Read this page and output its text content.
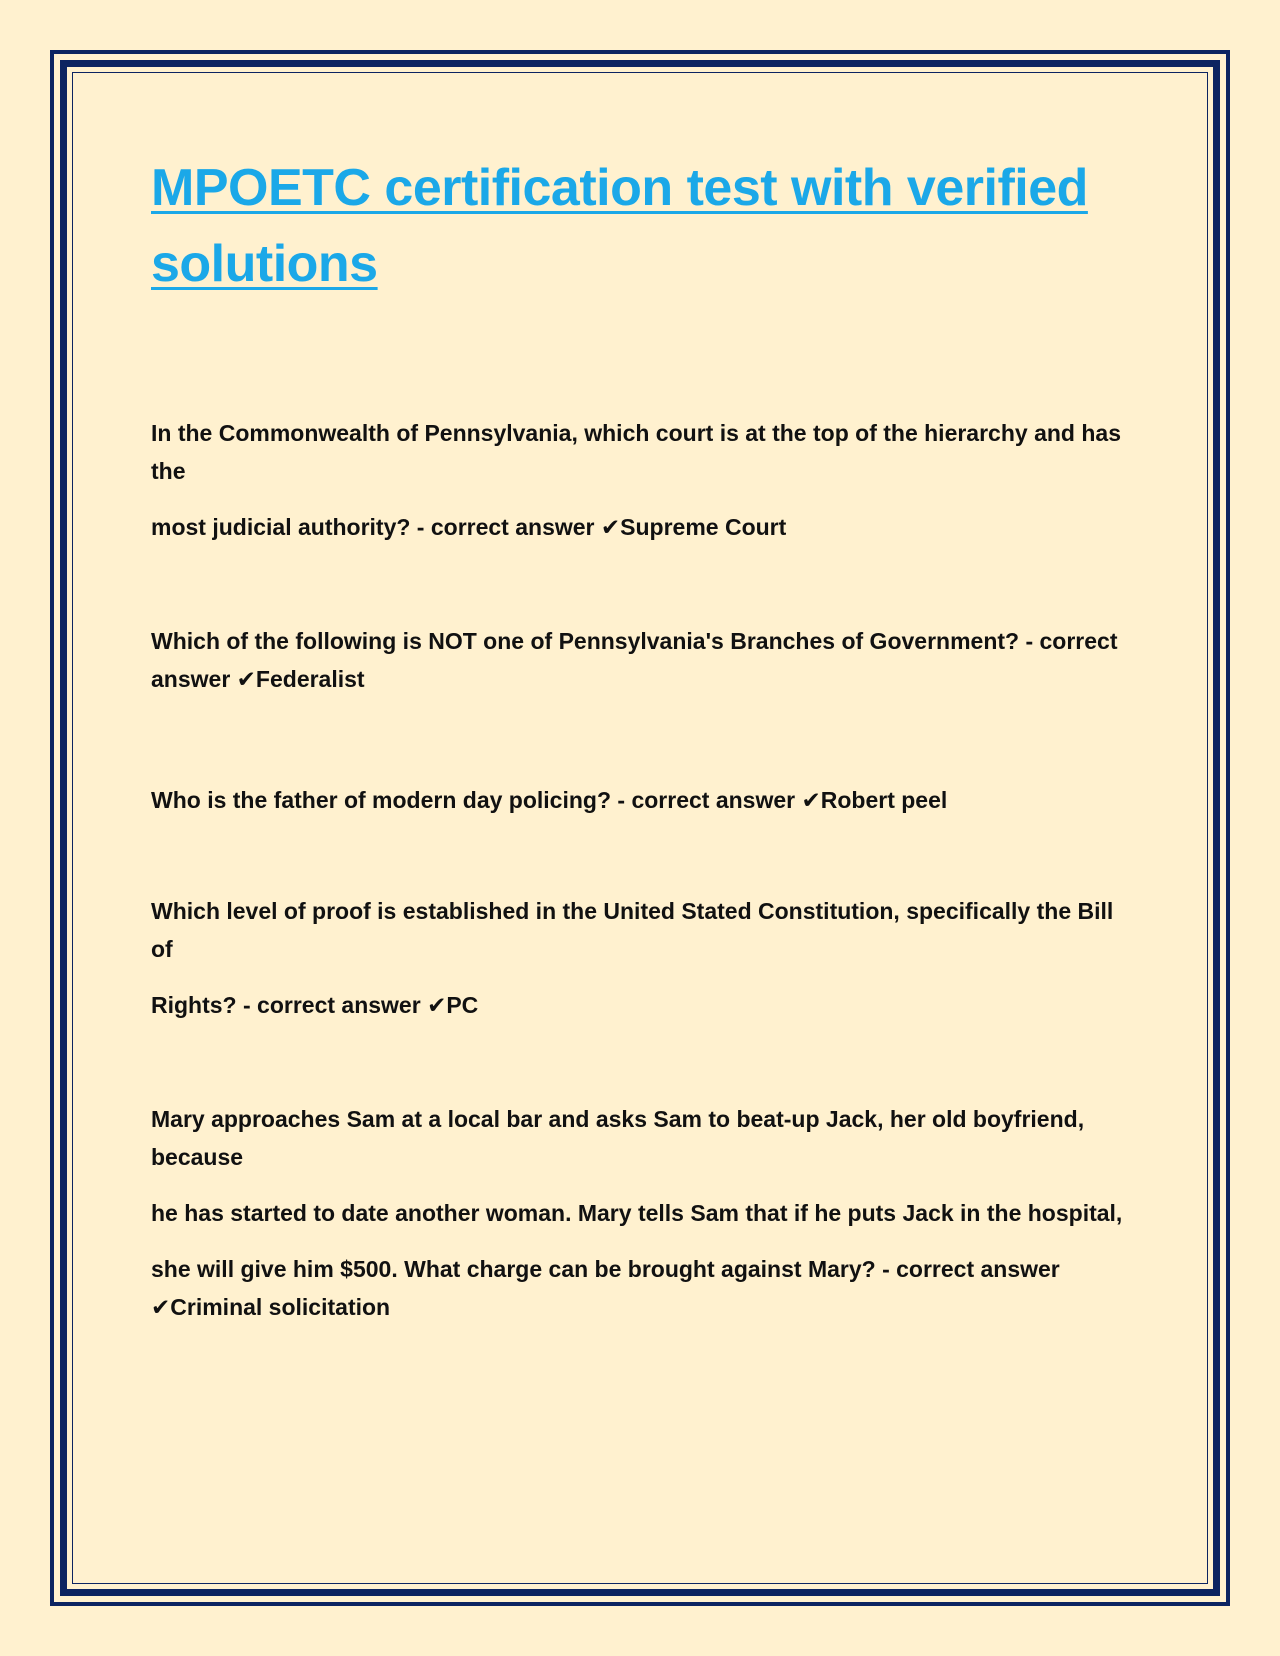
MPOETC certification test with verified solutions

In the Commonwealth of Pennsylvania, which court is at the top of the hierarchy and has the

most judicial authority? - correct answer ✔Supreme Court

Which of the following is NOT one of Pennsylvania's Branches of Government? - correct answer ✔Federalist

Who is the father of modern day policing? - correct answer ✔Robert peel

Which level of proof is established in the United Stated Constitution, specifically the Bill of

Rights? - correct answer ✔PC

Mary approaches Sam at a local bar and asks Sam to beat-up Jack, her old boyfriend, because

he has started to date another woman. Mary tells Sam that if he puts Jack in the hospital,

she will give him $500. What charge can be brought against Mary? - correct answer ✔Criminal solicitation
